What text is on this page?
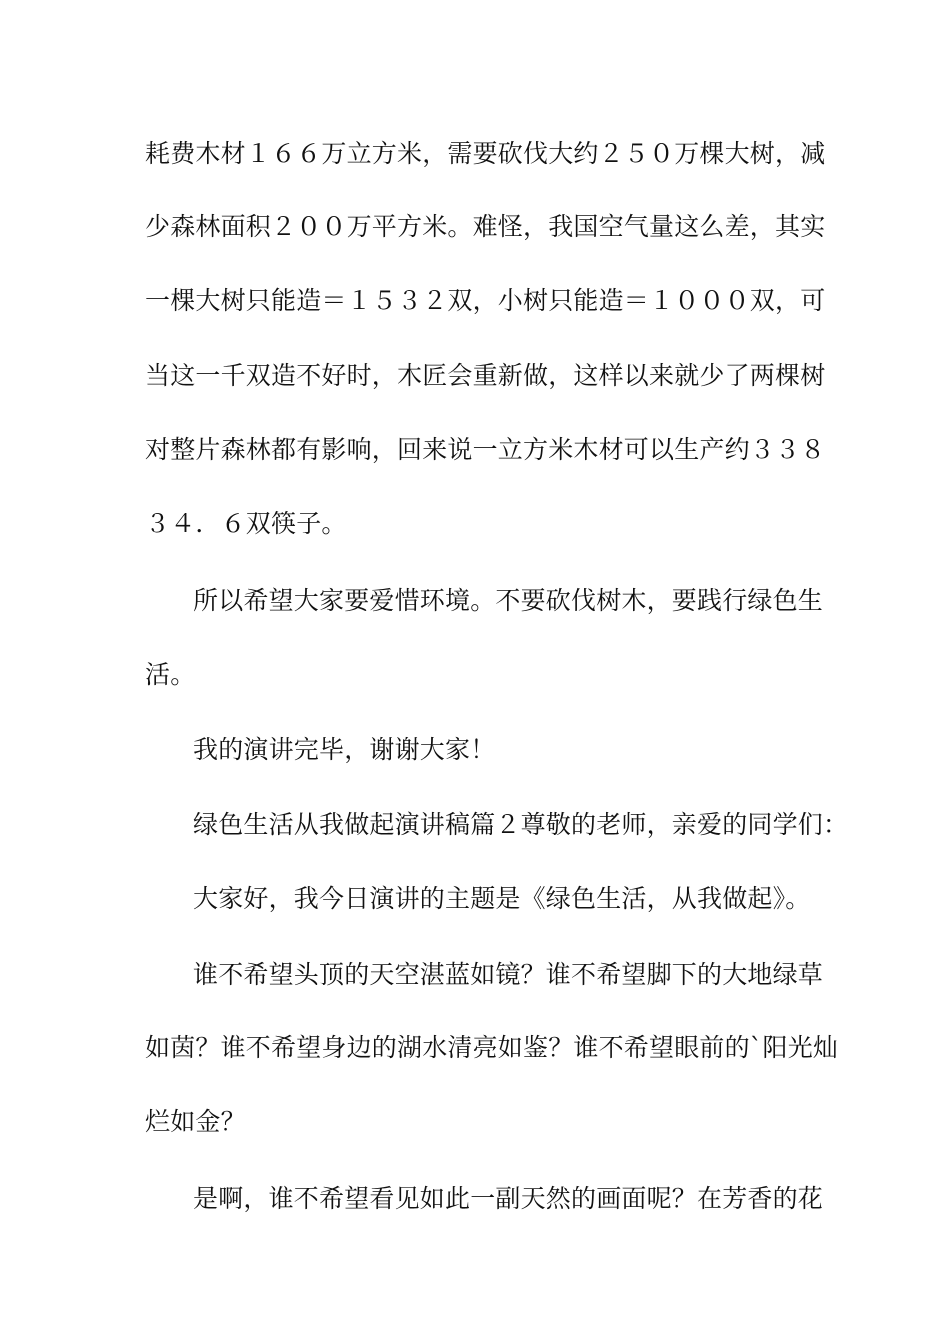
耗费木材１６６万立方米，需要砍伐大约２５０万棵大树，减
少森林面积２００万平方米。难怪，我国空气量这么差，其实
一棵大树只能造＝１５３２双，小树只能造＝１０００双，可
当这一千双造不好时，木匠会重新做，这样以来就少了两棵树
对整片森林都有影响，回来说一立方米木材可以生产约３３８
３４．６双筷子。
所以希望大家要爱惜环境。不要砍伐树木，要践行绿色生
活。
我的演讲完毕，谢谢大家！
绿色生活从我做起演讲稿篇２尊敬的老师，亲爱的同学们：
大家好，我今日演讲的主题是《绿色生活，从我做起》。
谁不希望头顶的天空湛蓝如镜？谁不希望脚下的大地绿草
如茵？谁不希望身边的湖水清亮如鉴？谁不希望眼前的`阳光灿
烂如金？
是啊，谁不希望看见如此一副天然的画面呢？在芳香的花
